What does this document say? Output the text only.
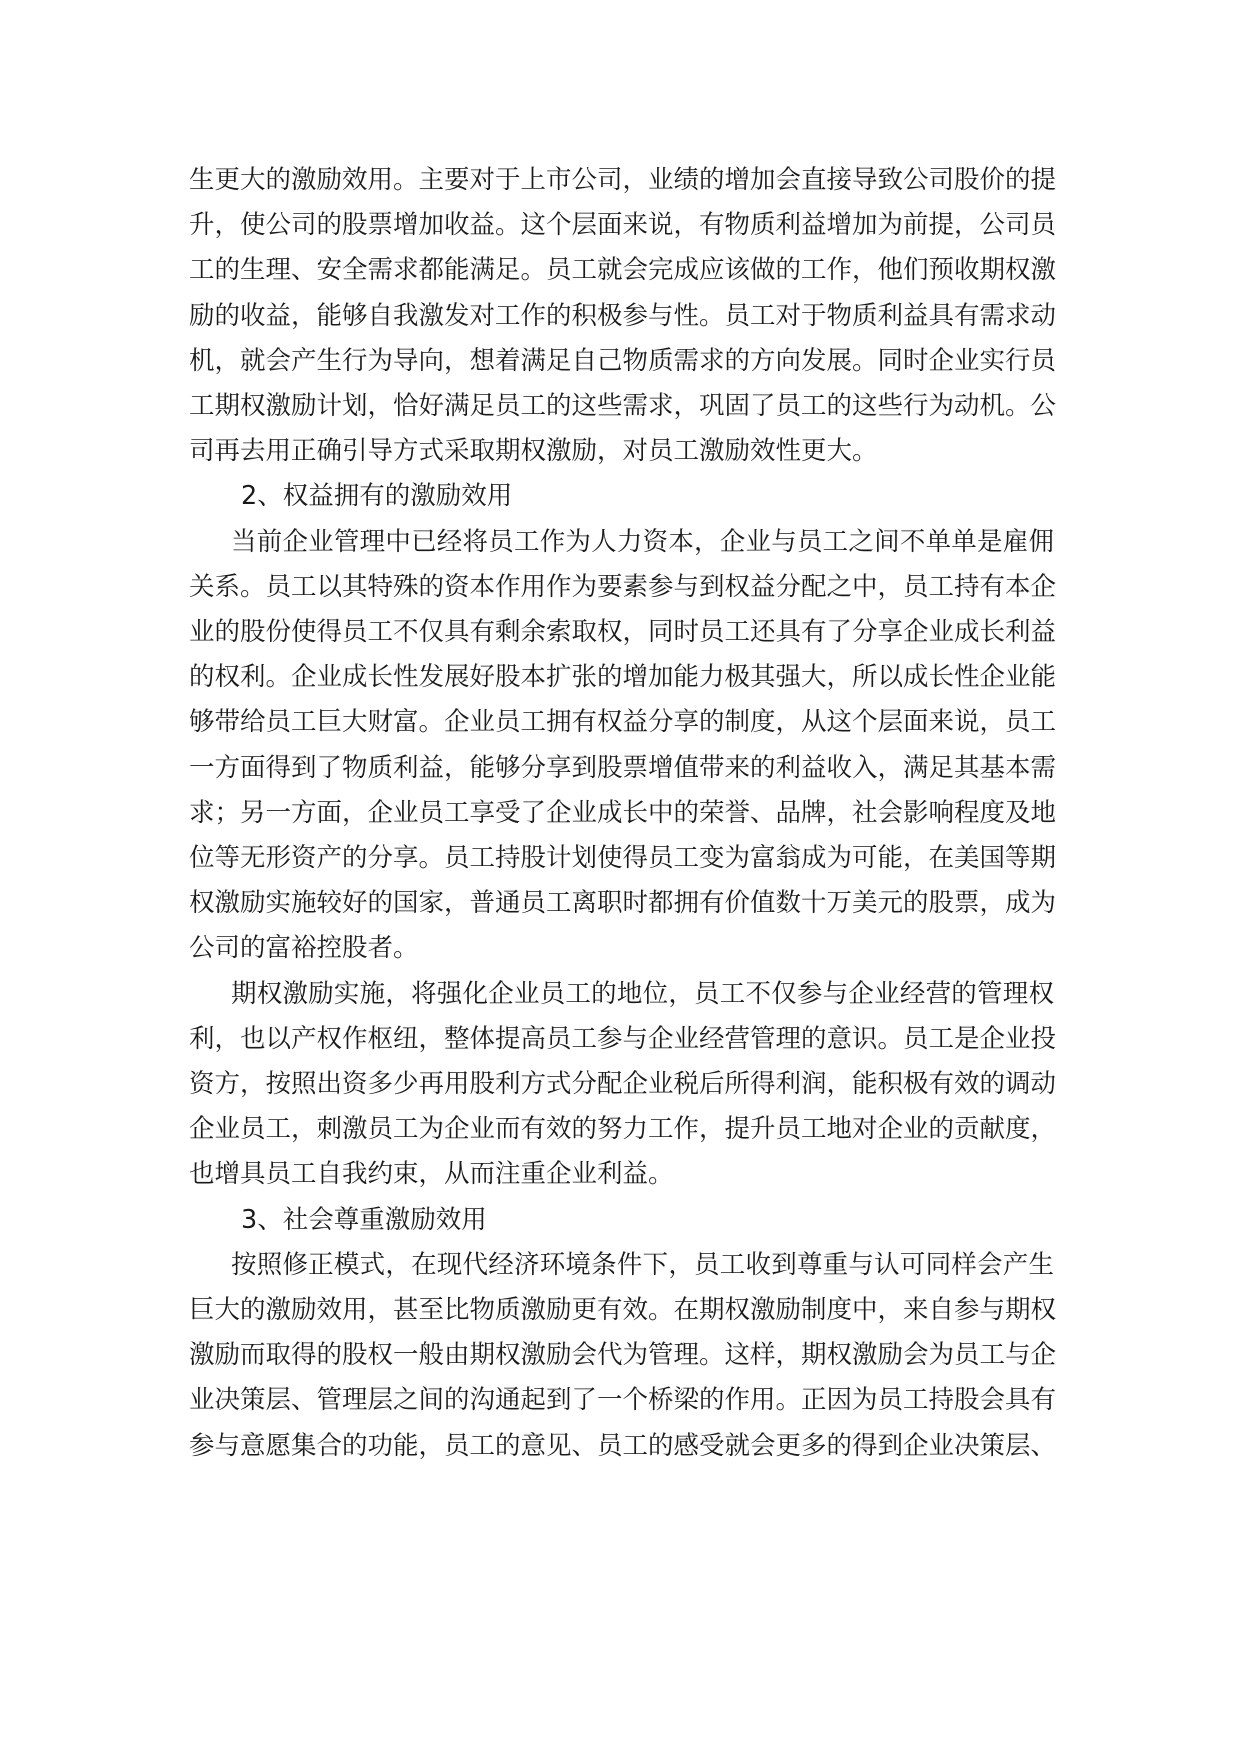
生更大的激励效用。主要对于上市公司，业绩的增加会直接导致公司股价的提
升，使公司的股票增加收益。这个层面来说，有物质利益增加为前提，公司员
工的生理、安全需求都能满足。员工就会完成应该做的工作，他们预收期权激
励的收益，能够自我激发对工作的积极参与性。员工对于物质利益具有需求动
机，就会产生行为导向，想着满足自己物质需求的方向发展。同时企业实行员
工期权激励计划，恰好满足员工的这些需求，巩固了员工的这些行为动机。公
司再去用正确引导方式采取期权激励，对员工激励效性更大。
2、权益拥有的激励效用
当前企业管理中已经将员工作为人力资本，企业与员工之间不单单是雇佣
关系。员工以其特殊的资本作用作为要素参与到权益分配之中，员工持有本企
业的股份使得员工不仅具有剩余索取权，同时员工还具有了分享企业成长利益
的权利。企业成长性发展好股本扩张的增加能力极其强大，所以成长性企业能
够带给员工巨大财富。企业员工拥有权益分享的制度，从这个层面来说，员工
一方面得到了物质利益，能够分享到股票增值带来的利益收入，满足其基本需
求；另一方面，企业员工享受了企业成长中的荣誉、品牌，社会影响程度及地
位等无形资产的分享。员工持股计划使得员工变为富翁成为可能，在美国等期
权激励实施较好的国家，普通员工离职时都拥有价值数十万美元的股票，成为
公司的富裕控股者。
期权激励实施，将强化企业员工的地位，员工不仅参与企业经营的管理权
利，也以产权作枢纽，整体提高员工参与企业经营管理的意识。员工是企业投
资方，按照出资多少再用股利方式分配企业税后所得利润，能积极有效的调动
企业员工，刺激员工为企业而有效的努力工作，提升员工地对企业的贡献度，
也增具员工自我约束，从而注重企业利益。
3、社会尊重激励效用
按照修正模式，在现代经济环境条件下，员工收到尊重与认可同样会产生
巨大的激励效用，甚至比物质激励更有效。在期权激励制度中，来自参与期权
激励而取得的股权一般由期权激励会代为管理。这样，期权激励会为员工与企
业决策层、管理层之间的沟通起到了一个桥梁的作用。正因为员工持股会具有
参与意愿集合的功能，员工的意见、员工的感受就会更多的得到企业决策层、
